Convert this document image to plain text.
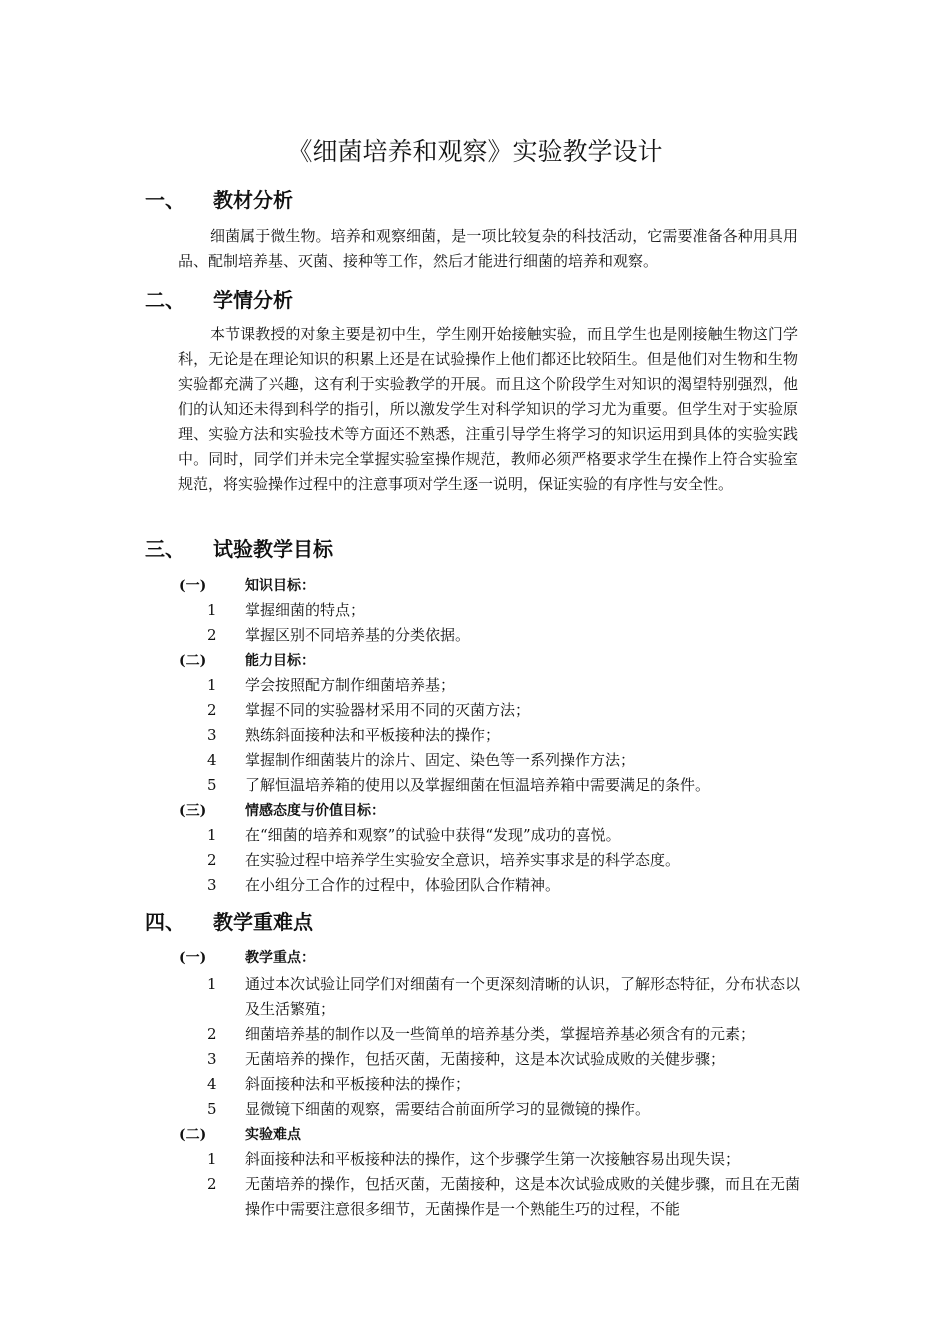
《细菌培养和观察》实验教学设计
一、 教材分析

细菌属于微生物。培养和观察细菌，是一项比较复杂的科技活动，它需要准备各种用具用品、配制培养基、灭菌、接种等工作，然后才能进行细菌的培养和观察。

二、 学情分析

本节课教授的对象主要是初中生，学生刚开始接触实验，而且学生也是刚接触生物这门学科，无论是在理论知识的积累上还是在试验操作上他们都还比较陌生。但是他们对生物和生物实验都充满了兴趣，这有利于实验教学的开展。而且这个阶段学生对知识的渴望特别强烈，他们的认知还未得到科学的指引，所以激发学生对科学知识的学习尤为重要。但学生对于实验原理、实验方法和实验技术等方面还不熟悉，注重引导学生将学习的知识运用到具体的实验实践中。同时，同学们并未完全掌握实验室操作规范，教师必须严格要求学生在操作上符合实验室规范，将实验操作过程中的注意事项对学生逐一说明，保证实验的有序性与安全性。

三、 试验教学目标
(一)	知识目标：
1	掌握细菌的特点；
2	掌握区别不同培养基的分类依据。
(二)	能力目标：
1	学会按照配方制作细菌培养基；
2	掌握不同的实验器材采用不同的灭菌方法；
3	熟练斜面接种法和平板接种法的操作；
4	掌握制作细菌装片的涂片、固定、染色等一系列操作方法；
5	了解恒温培养箱的使用以及掌握细菌在恒温培养箱中需要满足的条件。
(三)	情感态度与价值目标：
1	在“细菌的培养和观察”的试验中获得“发现”成功的喜悦。
2	在实验过程中培养学生实验安全意识，培养实事求是的科学态度。
3	在小组分工合作的过程中，体验团队合作精神。
四、 教学重难点
(一)	教学重点：
1	通过本次试验让同学们对细菌有一个更深刻清晰的认识，了解形态特征，分布状态以及生活繁殖；
2	细菌培养基的制作以及一些简单的培养基分类，掌握培养基必须含有的元素；
3	无菌培养的操作，包括灭菌，无菌接种，这是本次试验成败的关健步骤；
4	斜面接种法和平板接种法的操作；
5	显微镜下细菌的观察，需要结合前面所学习的显微镜的操作。
(二)	实验难点
1	斜面接种法和平板接种法的操作，这个步骤学生第一次接触容易出现失误；
2	无菌培养的操作，包括灭菌，无菌接种，这是本次试验成败的关健步骤，而且在无菌操作中需要注意很多细节，无菌操作是一个熟能生巧的过程，不能
